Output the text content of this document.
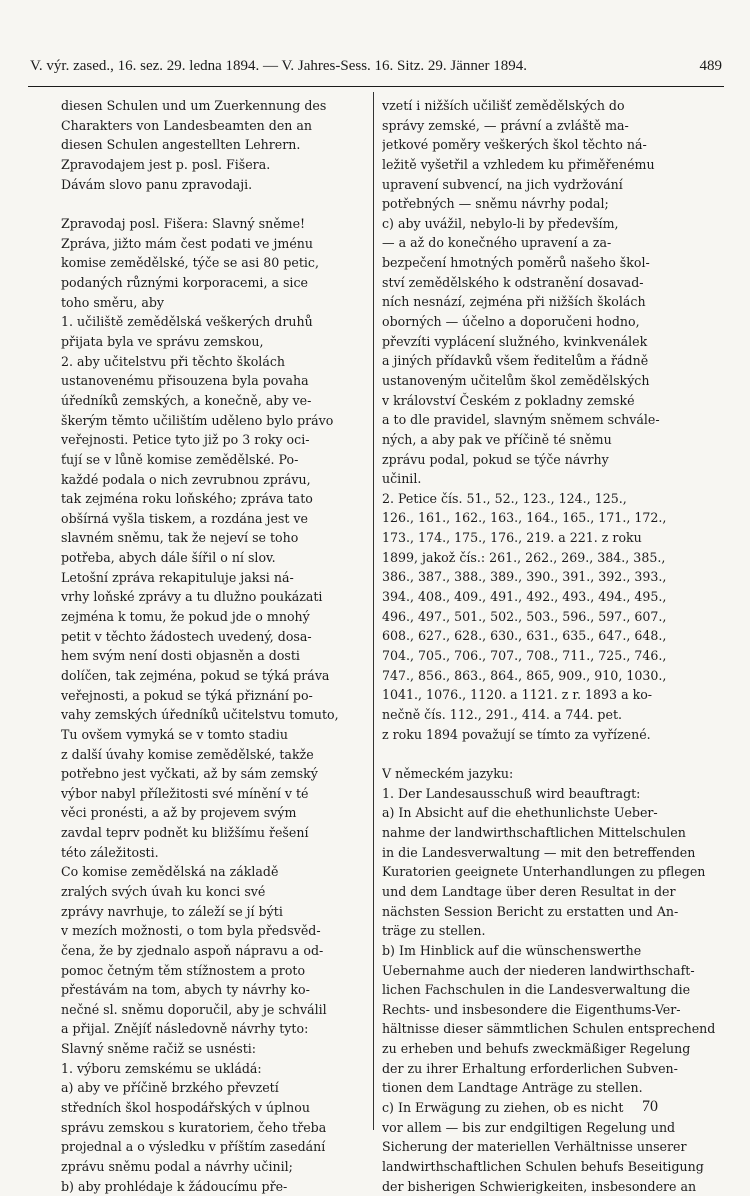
V. výr. zased., 16. sez. 29. ledna 1894. — V. Jahres-Sess. 16. Sitz. 29. Jänner 1894.	489
diesen Schulen und um Zuerkennung des
Charakters von Landesbeamten den an
diesen Schulen angestellten Lehrern.
Zpravodajem jest p. posl. Fišera.
Dávám slovo panu zpravodaji.
Zpravodaj posl. Fišera: Slavný sněme!
Zpráva, jižto mám čest podati ve jménu
komise zemědělské, týče se asi 80 petic,
podaných různými korporacemi, a sice
toho směru, aby
1. učiliště zemědělská veškerých druhů
přijata byla ve správu zemskou,
2. aby učitelstvu při těchto školách
ustanovenému přisouzena byla povaha
úředníků zemských, a konečně, aby ve-
škerým těmto učilištím uděleno bylo právo
veřejnosti. Petice tyto již po 3 roky oci-
ťují se v lůně komise zemědělské. Po-
každé podala o nich zevrubnou zprávu,
tak zejména roku loňského; zpráva tato
obšírná vyšla tiskem, a rozdána jest ve
slavném sněmu, tak že nejeví se toho
potřeba, abych dále šířil o ní slov.
Letošní zpráva rekapituluje jaksi ná-
vrhy loňské zprávy a tu dlužno poukázati
zejména k tomu, že pokud jde o mnohý
petit v těchto žádostech uvedený, dosa-
hem svým není dosti objasněn a dosti
dolíčen, tak zejména, pokud se týká práva
veřejnosti, a pokud se týká přiznání po-
vahy zemských úředníků učitelstvu tomuto,
Tu ovšem vymyká se v tomto stadiu
z další úvahy komise zemědělské, takže
potřebno jest vyčkati, až by sám zemský
výbor nabyl příležitosti své mínění v té
věci pronésti, a až by projevem svým
zavdal teprv podnět ku bližšímu řešení
této záležitosti.
Co komise zemědělská na základě
zralých svých úvah ku konci své
zprávy navrhuje, to záleží se jí býti
v mezích možnosti, o tom byla předsvěd-
čena, že by zjednalo aspoň nápravu a od-
pomoc četným těm stížnostem a proto
přestávám na tom, abych ty návrhy ko-
nečné sl. sněmu doporučil, aby je schválil
a přijal. Znějíť následovně návrhy tyto:
Slavný sněme račiž se usnésti:
1. výboru zemskému se ukládá:
a) aby ve příčině brzkého převzetí
středních škol hospodářských v úplnou
správu zemskou s kuratoriem, čeho třeba
projednal a o výsledku v příštím zasedání
zprávu sněmu podal a návrhy učinil;
b) aby prohlédaje k žádoucímu pře-
vzetí i nižších učilišť zemědělských do
správy zemské, — právní a zvláště ma-
jetkové poměry veškerých škol těchto ná-
ležitě vyšetřil a vzhledem ku přiměřenému
upravení subvencí, na jich vydržování
potřebných — sněmu návrhy podal;
c) aby uvážil, nebylo-li by především,
— a až do konečného upravení a za-
bezpečení hmotných poměrů našeho škol-
ství zemědělského k odstranění dosavad-
ních nesnází, zejména při nižších školách
oborných — účelno a doporučeni hodno,
převzíti vyplácení služného, kvinkvenálek
a jiných přídavků všem ředitelům a řádně
ustanoveným učitelům škol zemědělských
v království Českém z pokladny zemské
a to dle pravidel, slavným sněmem schvále-
ných, a aby pak ve příčině té sněmu
zprávu podal, pokud se týče návrhy
učinil.
2. Petice čís. 51., 52., 123., 124., 125.,
126., 161., 162., 163., 164., 165., 171., 172.,
173., 174., 175., 176., 219. a 221. z roku
1899, jakož čís.: 261., 262., 269., 384., 385.,
386., 387., 388., 389., 390., 391., 392., 393.,
394., 408., 409., 491., 492., 493., 494., 495.,
496., 497., 501., 502., 503., 596., 597., 607.,
608., 627., 628., 630., 631., 635., 647., 648.,
704., 705., 706., 707., 708., 711., 725., 746.,
747., 856., 863., 864., 865, 909., 910, 1030.,
1041., 1076., 1120. a 1121. z r. 1893 a ko-
nečně čís. 112., 291., 414. a 744. pet.
z roku 1894 považují se tímto za vyřízené.
V německém jazyku:
1. Der Landesausschuß wird beauftragt:
a) In Absicht auf die ehethunlichste Ueber-
nahme der landwirthschaftlichen Mittelschulen
in die Landesverwaltung — mit den betreffenden
Kuratorien geeignete Unterhandlungen zu pflegen
und dem Landtage über deren Resultat in der
nächsten Session Bericht zu erstatten und An-
träge zu stellen.
b) Im Hinblick auf die wünschenswerthe
Uebernahme auch der niederen landwirthschaft-
lichen Fachschulen in die Landesverwaltung die
Rechts- und insbesondere die Eigenthums-Ver-
hältnisse dieser sämmtlichen Schulen entsprechend
zu erheben und behufs zweckmäßiger Regelung
der zu ihrer Erhaltung erforderlichen Subven-
tionen dem Landtage Anträge zu stellen.
c) In Erwägung zu ziehen, ob es nicht
vor allem — bis zur endgiltigen Regelung und
Sicherung der materiellen Verhältnisse unserer
landwirthschaftlichen Schulen behufs Beseitigung
der bisherigen Schwierigkeiten, insbesondere an
70
